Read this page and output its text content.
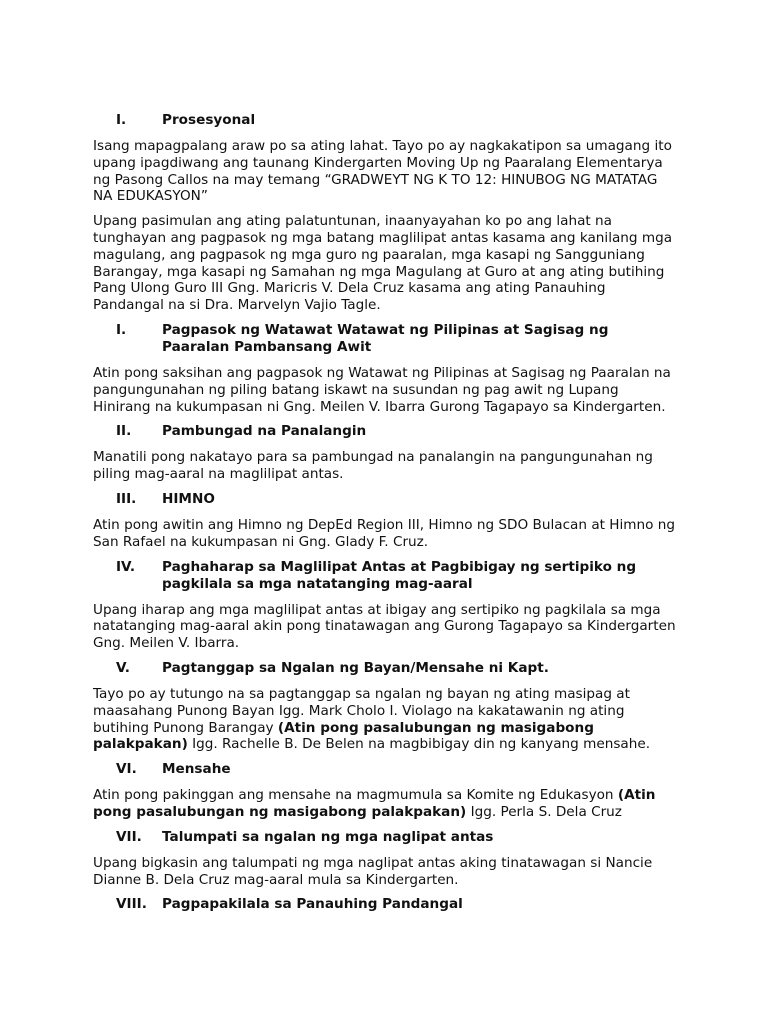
I.	Prosesyonal

Isang mapagpalang araw po sa ating lahat. Tayo po ay nagkakatipon sa umagang ito upang ipagdiwang ang taunang Kindergarten Moving Up ng Paaralang Elementarya ng Pasong Callos na may temang “GRADWEYT NG K TO 12: HINUBOG NG MATATAG NA EDUKASYON”

Upang pasimulan ang ating palatuntunan, inaanyayahan ko po ang lahat na tunghayan ang pagpasok ng mga batang maglilipat antas kasama ang kanilang mga magulang, ang pagpasok ng mga guro ng paaralan, mga kasapi ng Sangguniang Barangay, mga kasapi ng Samahan ng mga Magulang at Guro at ang ating butihing Pang Ulong Guro III Gng. Maricris V. Dela Cruz kasama ang ating Panauhing Pandangal na si Dra. Marvelyn Vajio Tagle.

I.	Pagpasok ng Watawat Watawat ng Pilipinas at Sagisag ng Paaralan Pambansang Awit

Atin pong saksihan ang pagpasok ng Watawat ng Pilipinas at Sagisag ng Paaralan na pangungunahan ng piling batang iskawt na susundan ng pag awit ng Lupang Hinirang na kukumpasan ni Gng. Meilen V. Ibarra Gurong Tagapayo sa Kindergarten.

II.	Pambungad na Panalangin

Manatili pong nakatayo para sa pambungad na panalangin na pangungunahan ng piling mag-aaral na maglilipat antas.

III.	HIMNO

Atin pong awitin ang Himno ng DepEd Region III, Himno ng SDO Bulacan at Himno ng San Rafael na kukumpasan ni Gng. Glady F. Cruz.

IV.	Paghaharap sa Maglilipat Antas at Pagbibigay ng sertipiko ng pagkilala sa mga natatanging mag-aaral

Upang iharap ang mga maglilipat antas at ibigay ang sertipiko ng pagkilala sa mga natatanging mag-aaral akin pong tinatawagan ang Gurong Tagapayo sa Kindergarten Gng. Meilen V. Ibarra.

V.	Pagtanggap sa Ngalan ng Bayan/Mensahe ni Kapt.

Tayo po ay tutungo na sa pagtanggap sa ngalan ng bayan ng ating masipag at maasahang Punong Bayan Igg. Mark Cholo I. Violago na kakatawanin ng ating butihing Punong Barangay (Atin pong pasalubungan ng masigabong palakpakan) Igg. Rachelle B. De Belen na magbibigay din ng kanyang mensahe.

VI.	Mensahe

Atin pong pakinggan ang mensahe na magmumula sa Komite ng Edukasyon (Atin pong pasalubungan ng masigabong palakpakan) Igg. Perla S. Dela Cruz

VII.	Talumpati sa ngalan ng mga naglipat antas

Upang bigkasin ang talumpati ng mga naglipat antas aking tinatawagan si Nancie Dianne B. Dela Cruz mag-aaral mula sa Kindergarten.

VIII.	Pagpapakilala sa Panauhing Pandangal
